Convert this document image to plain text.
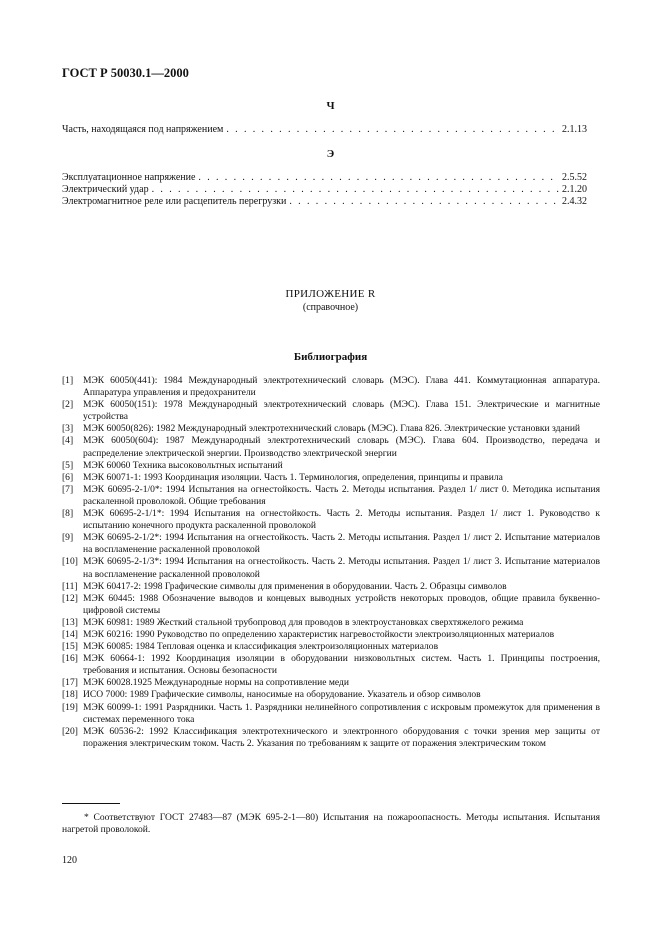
ГОСТ Р 50030.1—2000
Ч
Часть, находящаяся под напряжением . . .	2.1.13
Э
Эксплуатационное напряжение . . .	2.5.52
Электрический удар . . .	2.1.20
Электромагнитное реле или расцепитель перегрузки . . .	2.4.32
ПРИЛОЖЕНИЕ R
(справочное)
Библиография
[1]	МЭК 60050(441): 1984 Международный электротехнический словарь (МЭС). Глава 441. Коммутационная аппаратура. Аппаратура управления и предохранители
[2]	МЭК 60050(151): 1978 Международный электротехнический словарь (МЭС). Глава 151. Электрические и магнитные устройства
[3]	МЭК 60050(826): 1982 Международный электротехнический словарь (МЭС). Глава 826. Электрические установки зданий
[4]	МЭК 60050(604): 1987 Международный электротехнический словарь (МЭС). Глава 604. Производство, передача и распределение электрической энергии. Производство электрической энергии
[5]	МЭК 60060 Техника высоковольтных испытаний
[6]	МЭК 60071-1: 1993 Координация изоляции. Часть 1. Терминология, определения, принципы и правила
[7]	МЭК 60695-2-1/0*: 1994 Испытания на огнестойкость. Часть 2. Методы испытания. Раздел 1/ лист 0. Методика испытания раскаленной проволокой. Общие требования
[8]	МЭК 60695-2-1/1*: 1994 Испытания на огнестойкость. Часть 2. Методы испытания. Раздел 1/ лист 1. Руководство к испытанию конечного продукта раскаленной проволокой
[9]	МЭК 60695-2-1/2*: 1994 Испытания на огнестойкость. Часть 2. Методы испытания. Раздел 1/ лист 2. Испытание материалов на воспламенение раскаленной проволокой
[10] МЭК 60695-2-1/3*: 1994 Испытания на огнестойкость. Часть 2. Методы испытания. Раздел 1/ лист 3. Испытание материалов на воспламенение раскаленной проволокой
[11] МЭК 60417-2: 1998 Графические символы для применения в оборудовании. Часть 2. Образцы символов
[12] МЭК 60445: 1988 Обозначение выводов и концевых выводных устройств некоторых проводов, общие правила буквенно-цифровой системы
[13] МЭК 60981: 1989 Жесткий стальной трубопровод для проводов в электроустановках сверхтяжелого режима
[14] МЭК 60216: 1990 Руководство по определению характеристик нагревостойкости электроизоляционных материалов
[15] МЭК 60085: 1984 Тепловая оценка и классификация электроизоляционных материалов
[16] МЭК 60664-1: 1992 Координация изоляции в оборудовании низковольтных систем. Часть 1. Принципы построения, требования и испытания. Основы безопасности
[17] МЭК 60028.1925 Международные нормы на сопротивление меди
[18] ИСО 7000: 1989 Графические символы, наносимые на оборудование. Указатель и обзор символов
[19] МЭК 60099-1: 1991 Разрядники. Часть 1. Разрядники нелинейного сопротивления с искровым промежуток для применения в системах переменного тока
[20] МЭК 60536-2: 1992 Классификация электротехнического и электронного оборудования с точки зрения мер защиты от поражения электрическим током. Часть 2. Указания по требованиям к защите от поражения электрическим током
* Соответствуют ГОСТ 27483—87 (МЭК 695-2-1—80) Испытания на пожароопасность. Методы испытания. Испытания нагретой проволокой.
120
